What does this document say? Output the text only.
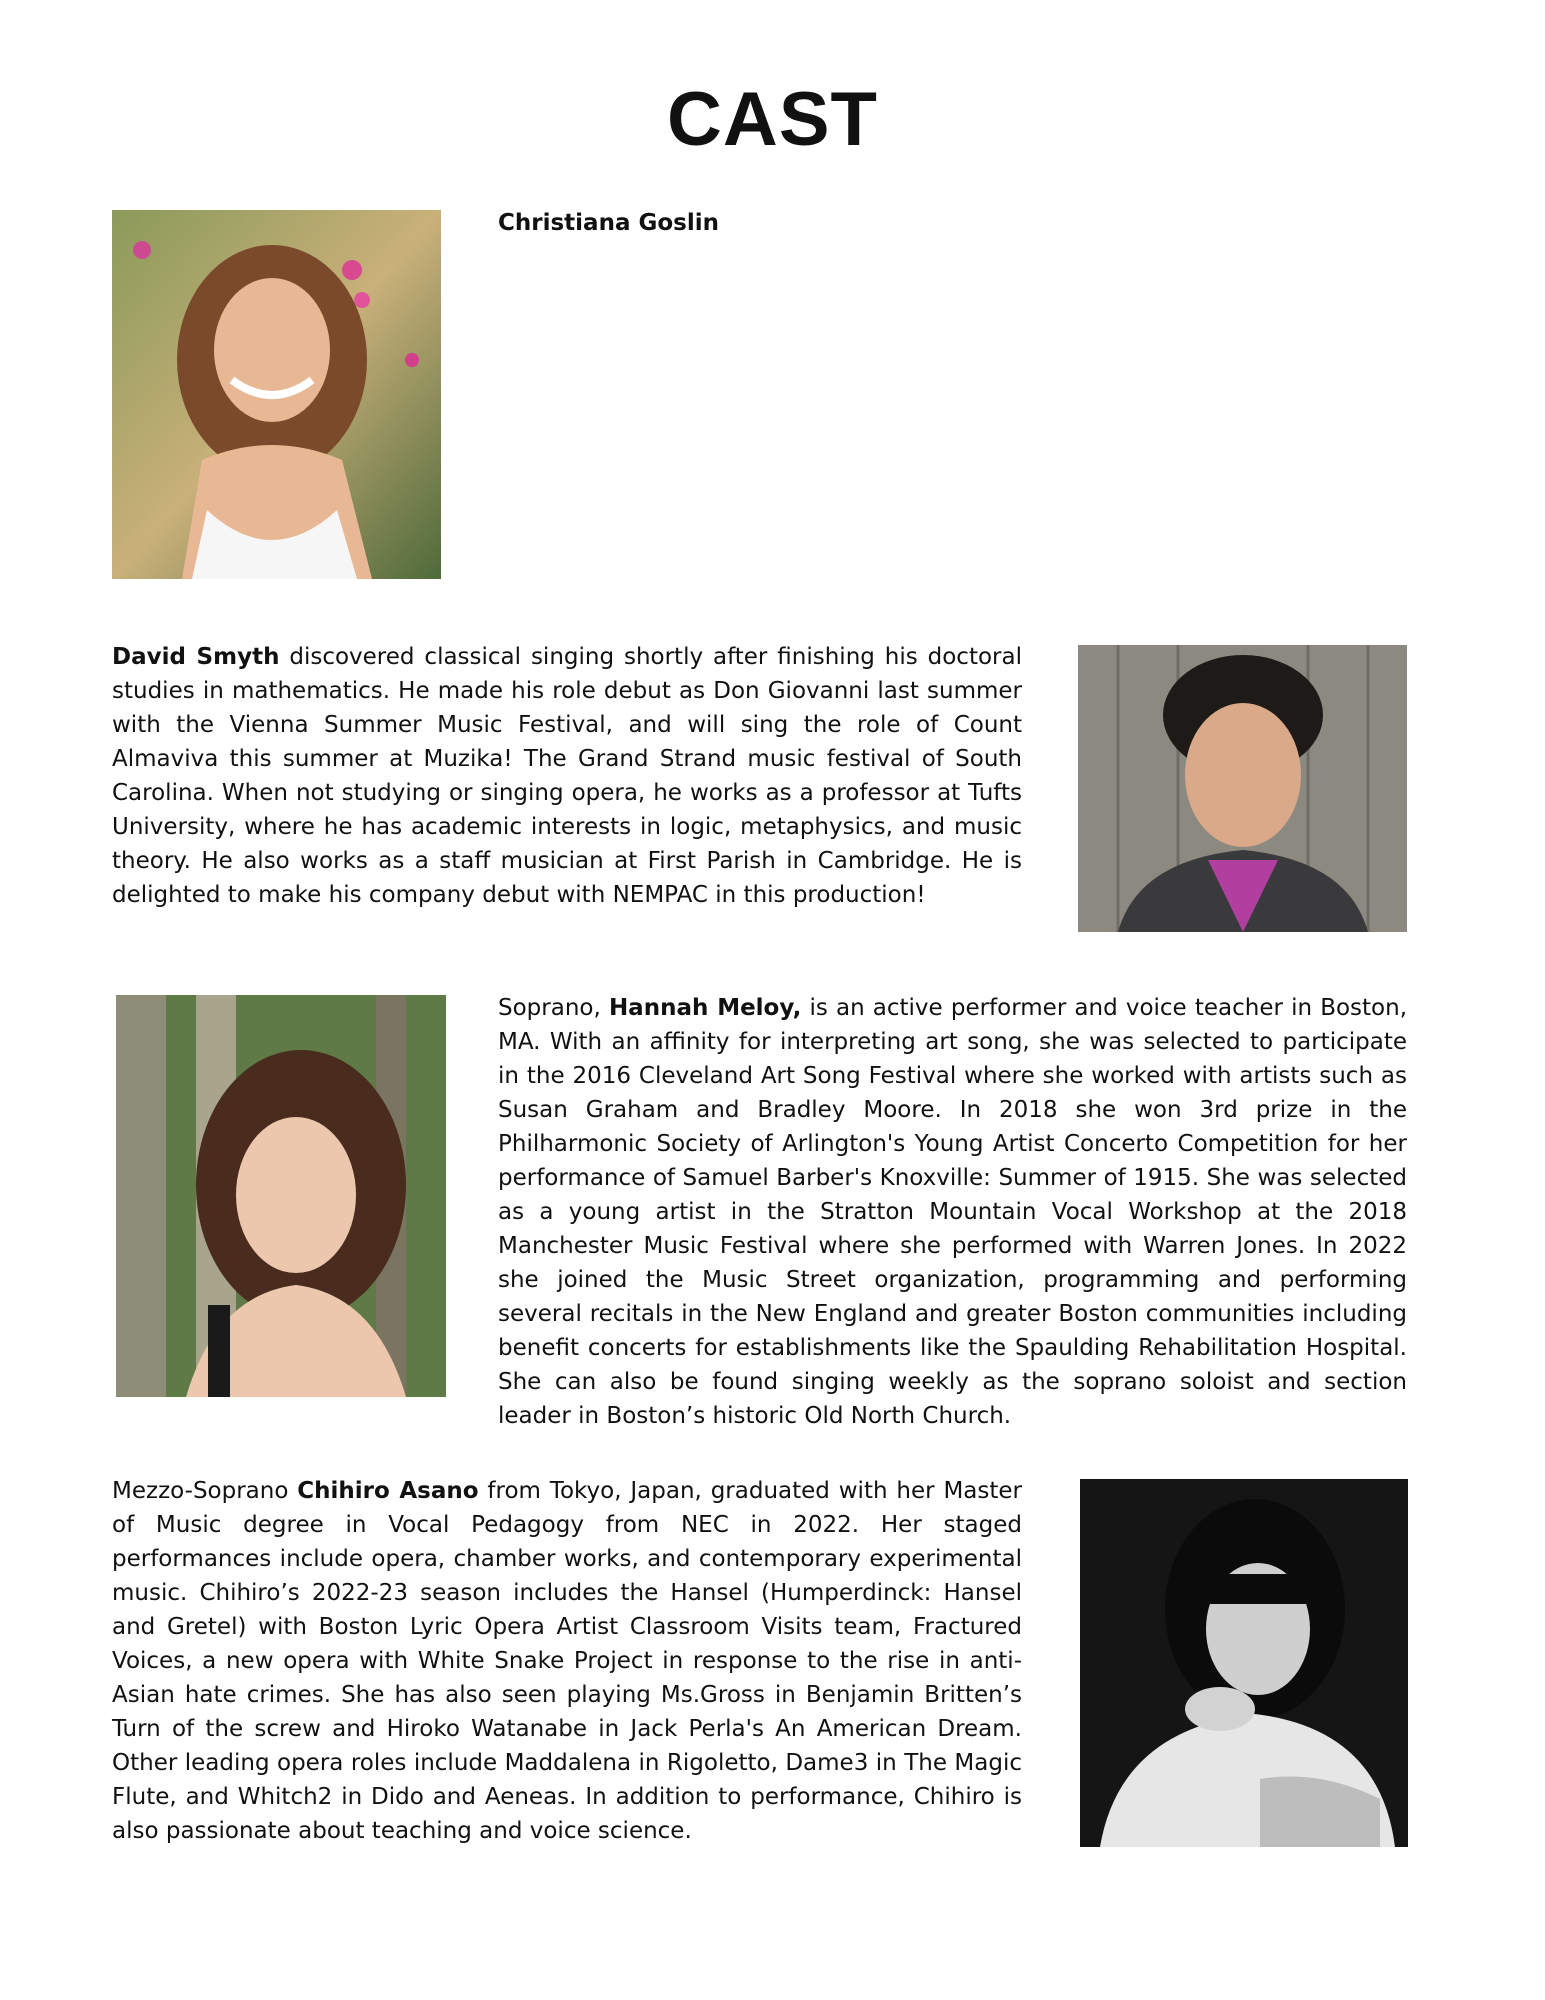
CAST

Christiana Goslin

David Smyth discovered classical singing shortly after finishing his doctoral studies in mathematics. He made his role debut as Don Giovanni last summer with the Vienna Summer Music Festival, and will sing the role of Count Almaviva this summer at Muzika! The Grand Strand music festival of South Carolina. When not studying or singing opera, he works as a professor at Tufts University, where he has academic interests in logic, metaphysics, and music theory. He also works as a staff musician at First Parish in Cambridge. He is delighted to make his company debut with NEMPAC in this production!

Soprano, Hannah Meloy, is an active performer and voice teacher in Boston, MA. With an affinity for interpreting art song, she was selected to participate in the 2016 Cleveland Art Song Festival where she worked with artists such as Susan Graham and Bradley Moore. In 2018 she won 3rd prize in the Philharmonic Society of Arlington's Young Artist Concerto Competition for her performance of Samuel Barber's Knoxville: Summer of 1915. She was selected as a young artist in the Stratton Mountain Vocal Workshop at the 2018 Manchester Music Festival where she performed with Warren Jones. In 2022 she joined the Music Street organization, programming and performing several recitals in the New England and greater Boston communities including benefit concerts for establishments like the Spaulding Rehabilitation Hospital. She can also be found singing weekly as the soprano soloist and section leader in Boston’s historic Old North Church.

Mezzo-Soprano Chihiro Asano from Tokyo, Japan, graduated with her Master of Music degree in Vocal Pedagogy from NEC in 2022. Her staged performances include opera, chamber works, and contemporary experimental music. Chihiro’s 2022-23 season includes the Hansel (Humperdinck: Hansel and Gretel) with Boston Lyric Opera Artist Classroom Visits team, Fractured Voices, a new opera with White Snake Project in response to the rise in anti-Asian hate crimes. She has also seen playing Ms.Gross in Benjamin Britten’s Turn of the screw and Hiroko Watanabe in Jack Perla's An American Dream. Other leading opera roles include Maddalena in Rigoletto, Dame3 in The Magic Flute, and Whitch2 in Dido and Aeneas. In addition to performance, Chihiro is also passionate about teaching and voice science.
